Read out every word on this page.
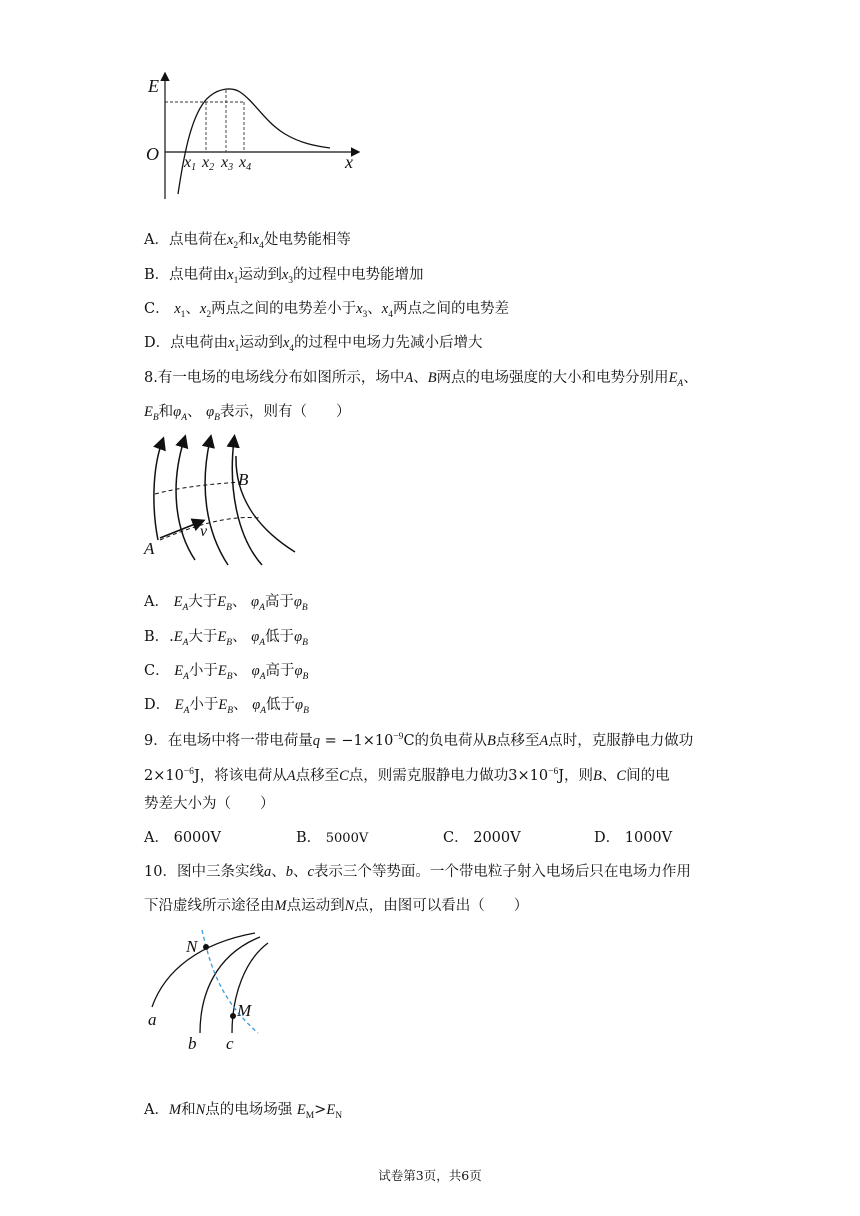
E
O	x
x1 x2 x3 x4
A．点电荷在$x_2$和$x_4$处电势能相等
B．点电荷由$x_1$运动到$x_3$的过程中电势能增加
C． $x_1$、$x_2$两点之间的电势差小于$x_3$、$x_4$两点之间的电势差
D．点电荷由$x_1$运动到$x_4$的过程中电场力先减小后增大
8.有一电场的电场线分布如图所示，场中A、B两点的电场强度的大小和电势分别用$E_A$、
$E_B$和$\varphi_A$、 $\varphi_B$表示，则有（　　）
A
B
v
A． $E_A$大于$E_B$、 $\varphi_A$高于$\varphi_B$
B．$.E_A$大于$E_B$、 $\varphi_A$低于$\varphi_B$
C． $E_A$小于$E_B$、 $\varphi_A$高于$\varphi_B$
D． $E_A$小于$E_B$、 $\varphi_A$低于$\varphi_B$
9．在电场中将一带电荷量$q = -1\times 10^{-9}C$的负电荷从B点移至A点时，克服静电力做功
$2\times 10^{-6}J$，将该电荷从A点移至C点，则需克服静电力做功$3\times 10^{-6}J$，则B、C间的电
势差大小为（　　）
A． 6000V	B． 5000V	C． 2000V	D． 1000V
10．图中三条实线a、b、c表示三个等势面。一个带电粒子射入电场后只在电场力作用
下沿虚线所示途径由M点运动到N点，由图可以看出（　　）
N
M
a
b c
A．M和N点的电场场强 $E_M>E_N$
试卷第3页，共6页
